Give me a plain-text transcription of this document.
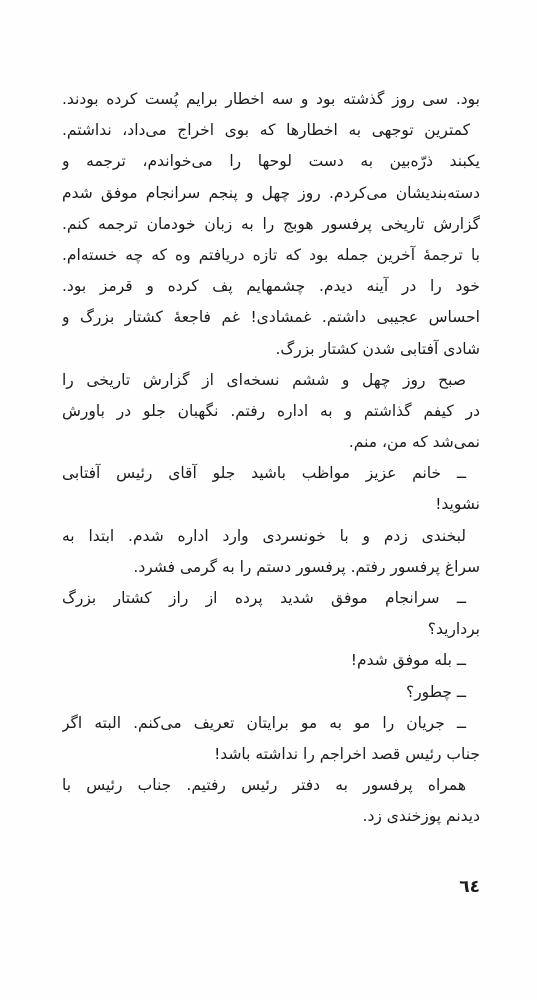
بود. سی روز گذشته بود و سه اخطار برایم پُست کرده بودند.
کمترین توجهی به اخطارها که بوی اخراج می‌داد، نداشتم.
یکبند ذرّه‌بین به دست لوحها را می‌خواندم، ترجمه و
دسته‌بندیشان می‌کردم. روز چهل و پنجم سرانجام موفق شدم
گزارش تاریخی پرفسور هوبج را به زبان خودمان ترجمه کنم.
با ترجمهٔ آخرین جمله بود که تازه دریافتم وه که چه خسته‌ام.
خود را در آینه دیدم. چشمهایم پف کرده و قرمز بود.
احساس عجیبی داشتم. غمشادی! غم فاجعهٔ کشتار بزرگ و
شادی آفتابی شدن کشتار بزرگ.
صبح روز چهل و ششم نسخه‌ای از گزارش تاریخی را
در کیفم گذاشتم و به اداره رفتم. نگهبان جلو در باورش
نمی‌شد که من، منم.
ــ خانم عزیز مواظب باشید جلو آقای رئیس آفتابی
نشوید!
لبخندی زدم و با خونسردی وارد اداره شدم. ابتدا به
سراغ پرفسور رفتم. پرفسور دستم را به گرمی فشرد.
ــ سرانجام موفق شدید پرده از راز کشتار بزرگ
بردارید؟
ــ بله موفق شدم!
ــ چطور؟
ــ جریان را مو به مو برایتان تعریف می‌کنم. البته اگر
جناب رئیس قصد اخراجم را نداشته باشد!
همراه پرفسور به دفتر رئیس رفتیم. جناب رئیس با
دیدنم پوزخندی زد.
٦٤
